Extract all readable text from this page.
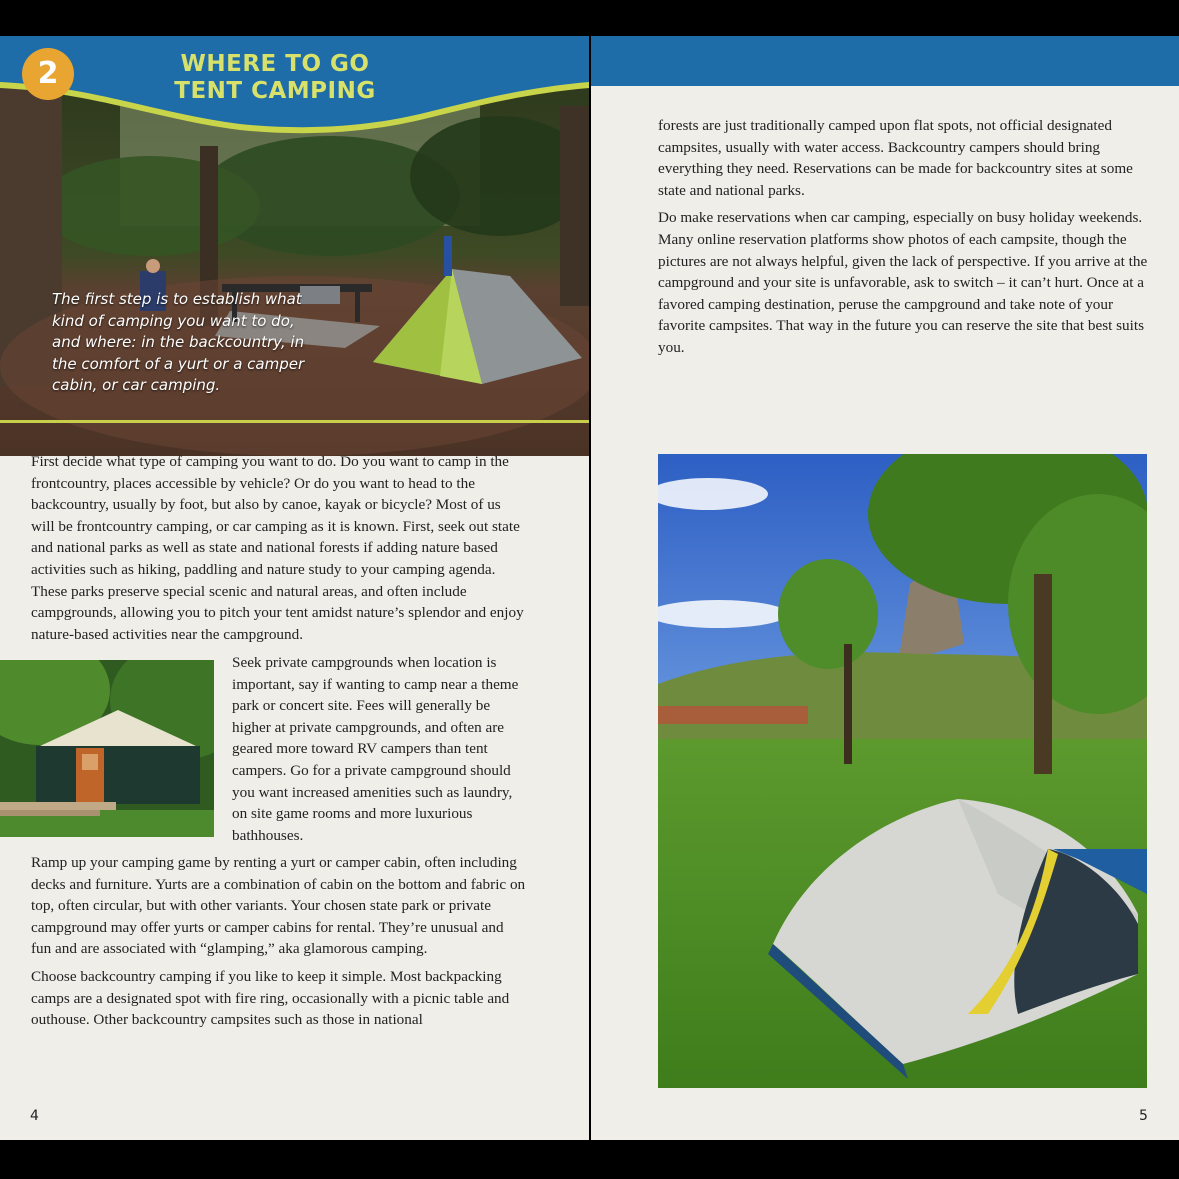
2	WHERE TO GO
TENT CAMPING
The first step is to establish what kind of camping you want to do, and where: in the backcountry, in the comfort of a yurt or a camper cabin, or car camping.

First decide what type of camping you want to do. Do you want to camp in the frontcountry, places accessible by vehicle? Or do you want to head to the backcountry, usually by foot, but also by canoe, kayak or bicycle? Most of us will be frontcountry camping, or car camping as it is known. First, seek out state and national parks as well as state and national forests if adding nature based activities such as hiking, paddling and nature study to your camping agenda. These parks preserve special scenic and natural areas, and often include campgrounds, allowing you to pitch your tent amidst nature’s splendor and enjoy nature-based activities near the campground.

Seek private campgrounds when location is important, say if wanting to camp near a theme park or concert site. Fees will generally be higher at private campgrounds, and often are geared more toward RV campers than tent campers. Go for a private campground should you want increased amenities such as laundry, on site game rooms and more luxurious bathhouses.

Ramp up your camping game by renting a yurt or camper cabin, often including decks and furniture. Yurts are a combination of cabin on the bottom and fabric on top, often circular, but with other variants. Your chosen state park or private campground may offer yurts or camper cabins for rental. They’re unusual and fun and are associated with “glamping,” aka glamorous camping.

Choose backcountry camping if you like to keep it simple. Most backpacking camps are a designated spot with fire ring, occasionally with a picnic table and outhouse. Other backcountry campsites such as those in national

4

forests are just traditionally camped upon flat spots, not official designated campsites, usually with water access. Backcountry campers should bring everything they need. Reservations can be made for backcountry sites at some state and national parks.

Do make reservations when car camping, especially on busy holiday weekends. Many online reservation platforms show photos of each campsite, though the pictures are not always helpful, given the lack of perspective. If you arrive at the campground and your site is unfavorable, ask to switch – it can’t hurt. Once at a favored camping destination, peruse the campground and take note of your favorite campsites. That way in the future you can reserve the site that best suits you.

5
